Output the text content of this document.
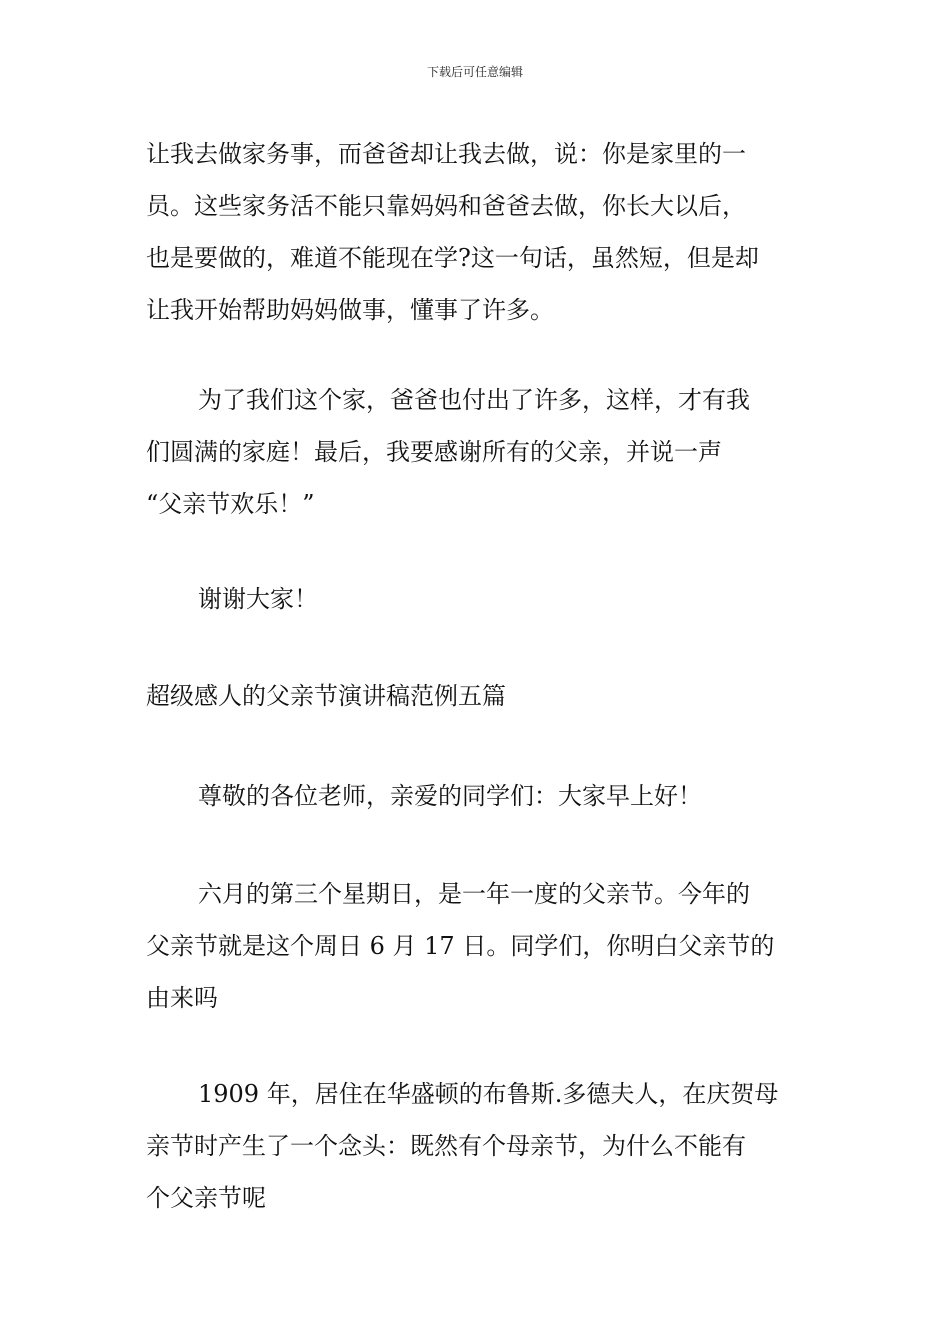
下载后可任意编辑
让我去做家务事，而爸爸却让我去做，说：你是家里的一
员。这些家务活不能只靠妈妈和爸爸去做，你长大以后，
也是要做的，难道不能现在学?这一句话，虽然短，但是却
让我开始帮助妈妈做事，懂事了许多。
为了我们这个家，爸爸也付出了许多，这样，才有我
们圆满的家庭！最后，我要感谢所有的父亲，并说一声
“父亲节欢乐！”
谢谢大家！
超级感人的父亲节演讲稿范例五篇
尊敬的各位老师，亲爱的同学们：大家早上好！
六月的第三个星期日，是一年一度的父亲节。今年的
父亲节就是这个周日 6 月 17 日。同学们，你明白父亲节的
由来吗
1909 年，居住在华盛顿的布鲁斯.多德夫人，在庆贺母
亲节时产生了一个念头：既然有个母亲节，为什么不能有
个父亲节呢
